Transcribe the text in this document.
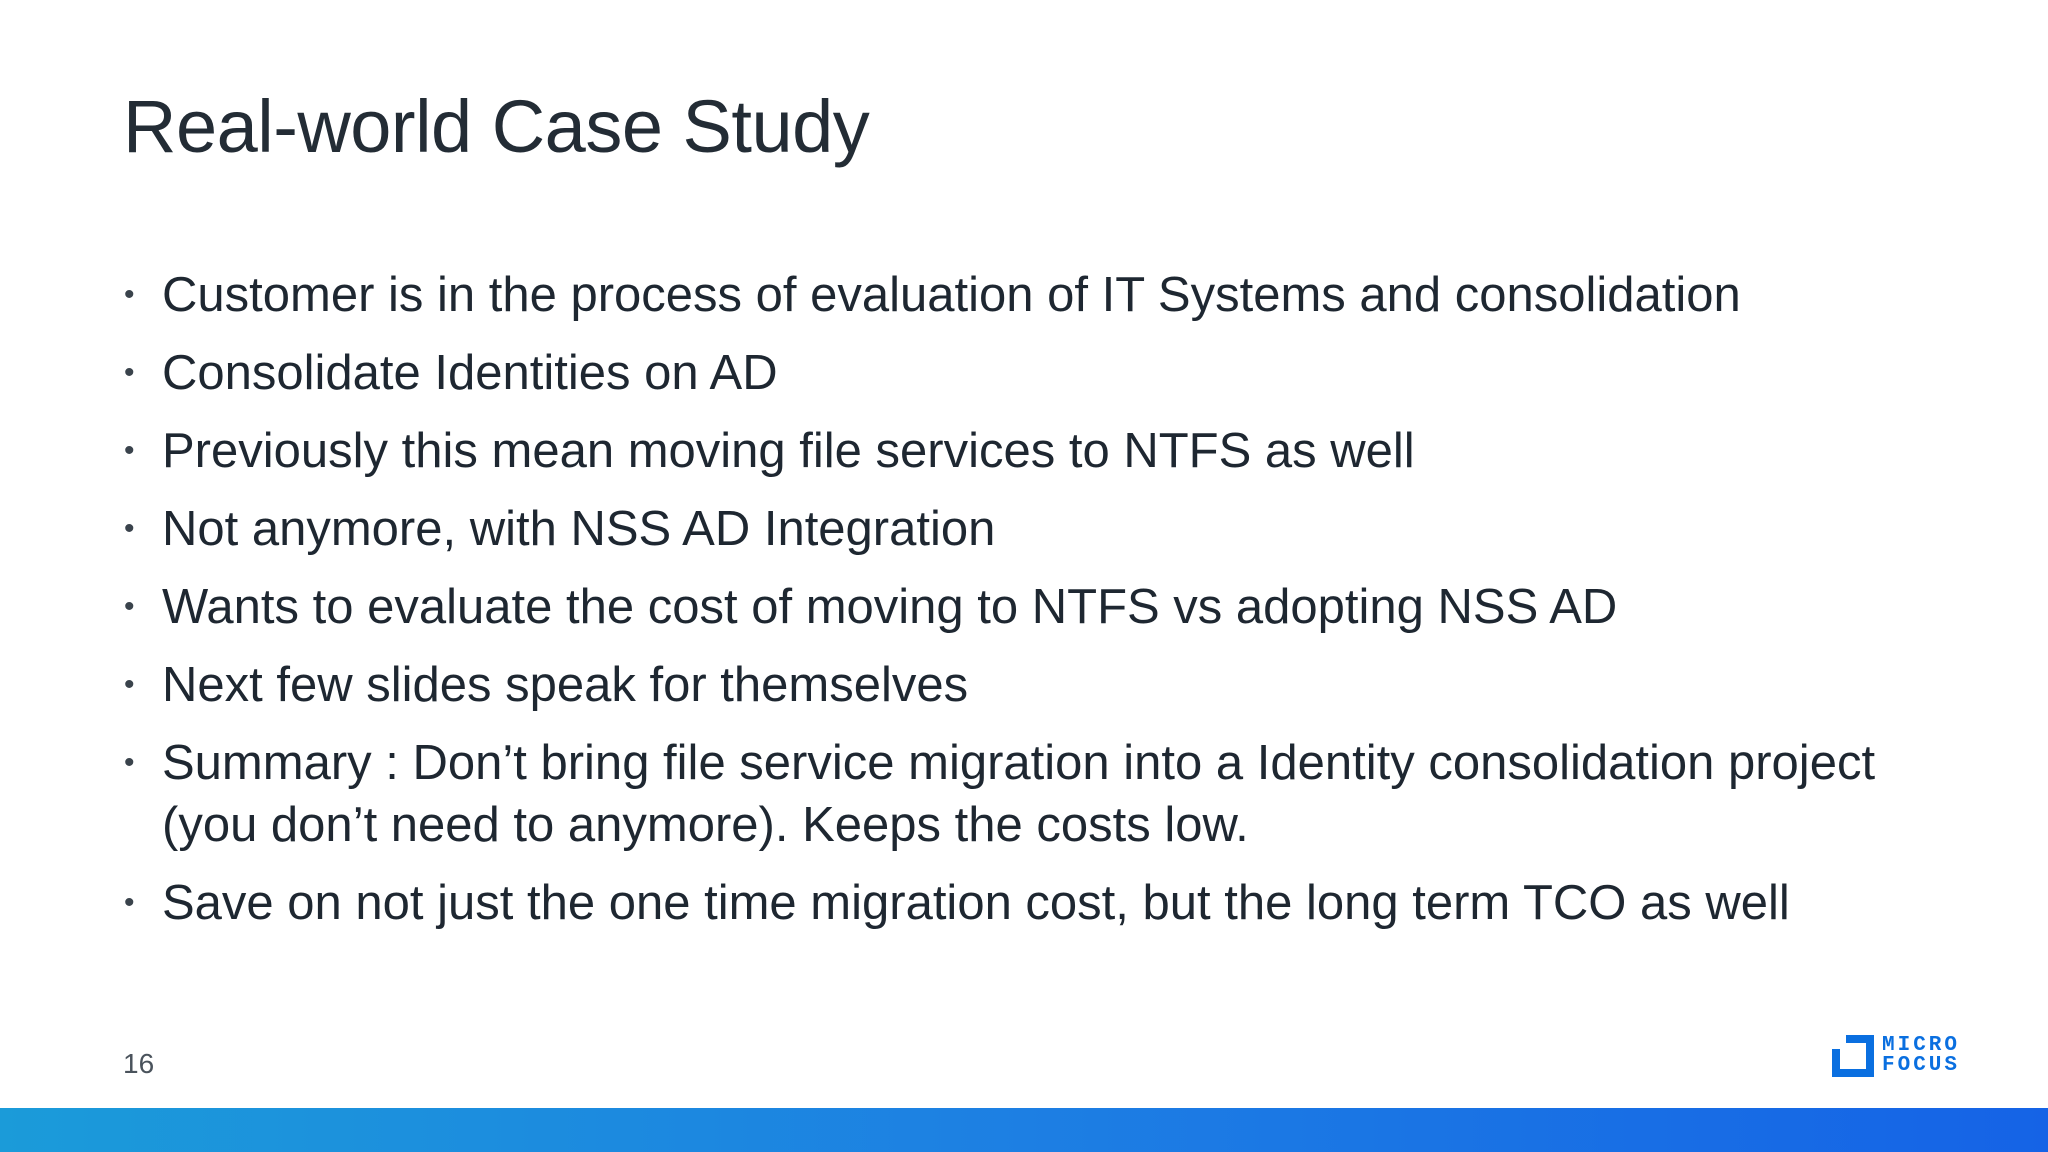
Real-world Case Study
• Customer is in the process of evaluation of IT Systems and consolidation
• Consolidate Identities on AD
• Previously this mean moving file services to NTFS as well
• Not anymore, with NSS AD Integration
• Wants to evaluate the cost of moving to NTFS vs adopting NSS AD
• Next few slides speak for themselves
• Summary : Don’t bring file service migration into a Identity consolidation project (you don’t need to anymore). Keeps the costs low.
• Save on not just the one time migration cost, but the long term TCO as well
16
MICRO
FOCUS
